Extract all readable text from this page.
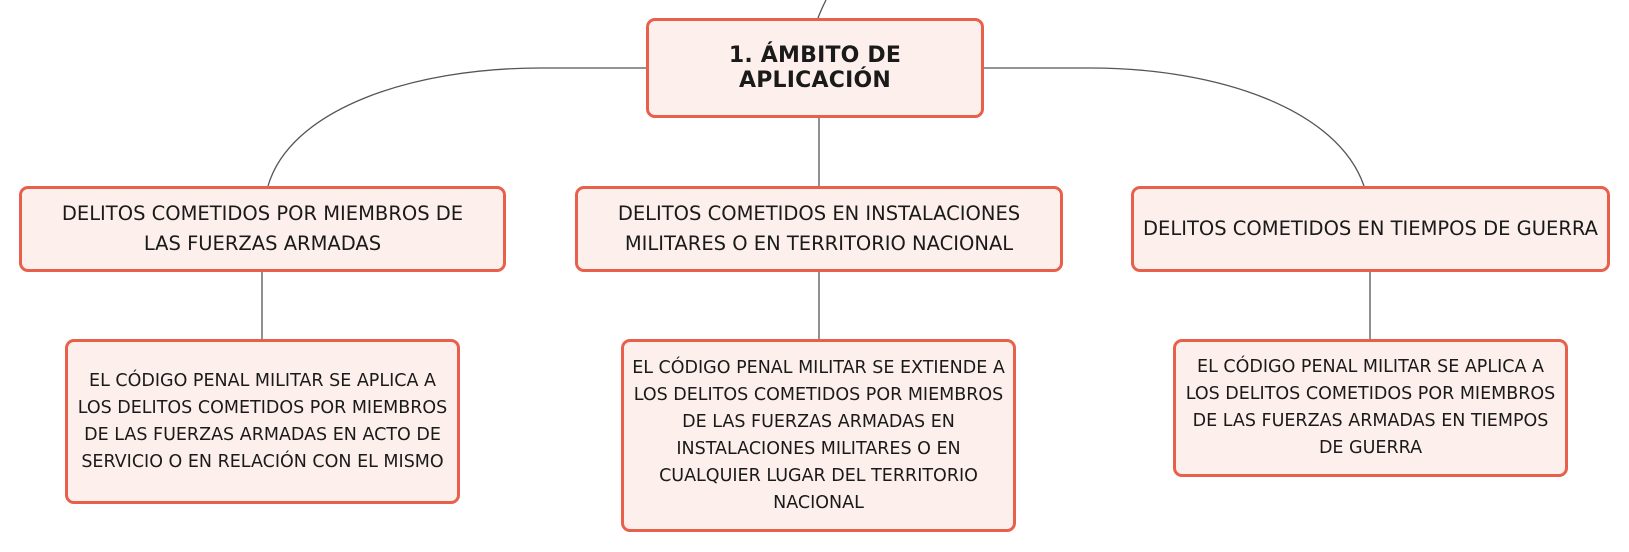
1. ÁMBITO DE APLICACIÓN
DELITOS COMETIDOS POR MIEMBROS DE LAS FUERZAS ARMADAS
DELITOS COMETIDOS EN INSTALACIONES MILITARES O EN TERRITORIO NACIONAL
DELITOS COMETIDOS EN TIEMPOS DE GUERRA
EL CÓDIGO PENAL MILITAR SE APLICA A LOS DELITOS COMETIDOS POR MIEMBROS DE LAS FUERZAS ARMADAS EN ACTO DE SERVICIO O EN RELACIÓN CON EL MISMO
EL CÓDIGO PENAL MILITAR SE EXTIENDE A LOS DELITOS COMETIDOS POR MIEMBROS DE LAS FUERZAS ARMADAS EN INSTALACIONES MILITARES O EN CUALQUIER LUGAR DEL TERRITORIO NACIONAL
EL CÓDIGO PENAL MILITAR SE APLICA A LOS DELITOS COMETIDOS POR MIEMBROS DE LAS FUERZAS ARMADAS EN TIEMPOS DE GUERRA
